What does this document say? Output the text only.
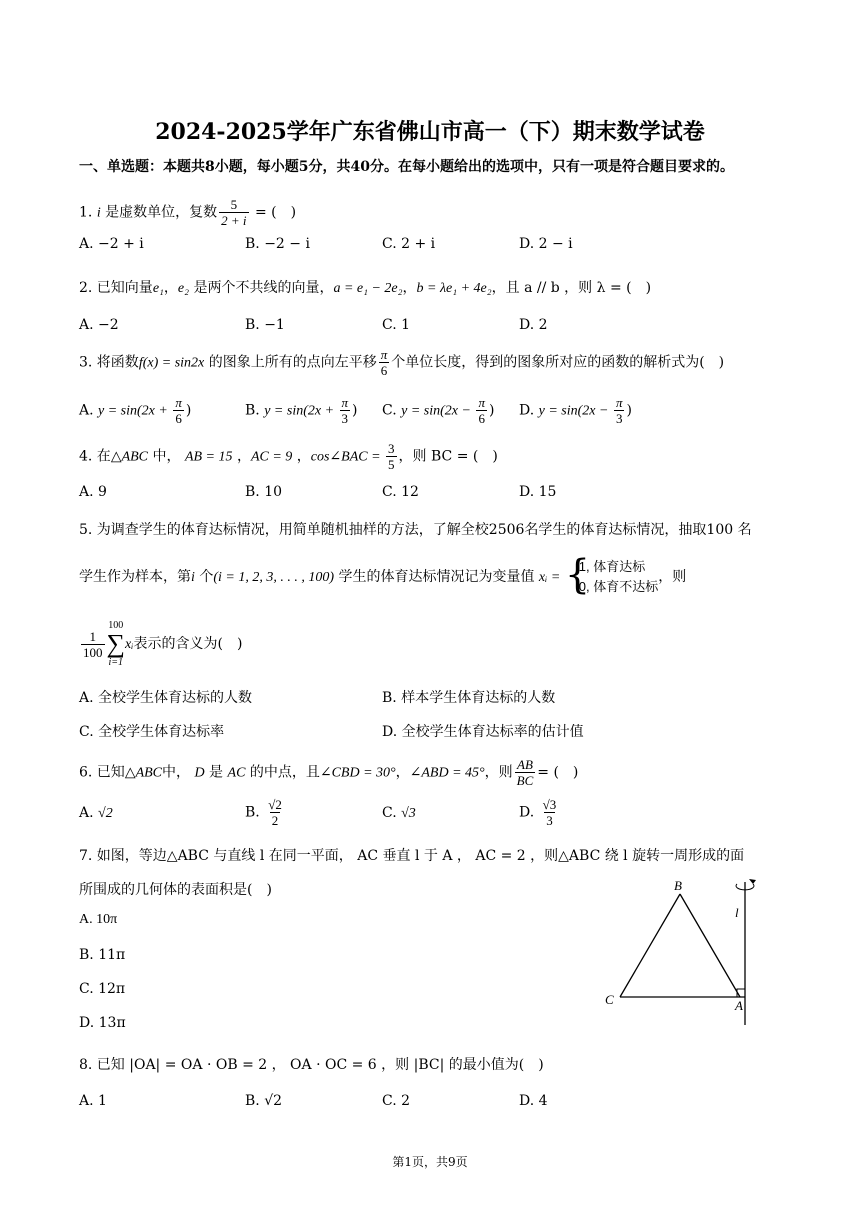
2024-2025学年广东省佛山市高一（下）期末数学试卷
一、单选题：本题共8小题，每小题5分，共40分。在每小题给出的选项中，只有一项是符合题目要求的。
1. i 是虚数单位，复数 $\frac{5}{2 + i}$ = (　)
A. −2 + i	B. −2 − i	C. 2 + i	D. 2 − i
2. 已知向量e₁，e₂ 是两个不共线的向量，a = e₁ − 2e₂，b = λe₁ + 4e₂，且 a // b ，则 λ = (　)
A. −2	B. −1	C. 1	D. 2
3. 将函数f(x) = sin2x 的图象上所有的点向左平移 $\frac{\pi}{6}$ 个单位长度，得到的图象所对应的函数的解析式为(　)
A. $y = \sin(2x + \frac{\pi}{6}$ )	B. $y = \sin(2x + \frac{\pi}{3}$ ) C. $y = \sin(2x - \frac{\pi}{6}$ ) D. $y = \sin(2x - \frac{\pi}{3}$ )
4. 在△ABC 中， AB = 15 ，AC = 9 ，cos∠BAC = $\frac{3}{5}$ ，则 BC = (　)
A. 9	B. 10	C. 12	D. 15
5. 为调查学生的体育达标情况，用简单随机抽样的方法，了解全校2506名学生的体育达标情况，抽取100 名
学生作为样本，第i 个(i = 1, 2, 3, . . . , 100) 学生的体育达标情况记为变量值 xᵢ = {
1, 体育达标
0, 体育不达标，则
$\frac{1}{100}$
100
∑
i=1
xᵢ表示的含义为(　)
A. 全校学生体育达标的人数	B. 样本学生体育达标的人数
C. 全校学生体育达标率	D. 全校学生体育达标率的估计值
6. 已知△ABC中， D 是 AC 的中点，且∠CBD = 30°，∠ABD = 45°，则 $\frac{AB}{BC}$ = (　)
A. √2	B. $\frac{√2}{2}$	C. √3	D. $\frac{√3}{3}$
7. 如图，等边△ABC 与直线 l 在同一平面， AC 垂直 l 于 A ， AC = 2 ，则△ABC 绕 l 旋转一周形成的面
所围成的几何体的表面积是(　)
A. 10π
B. 11π
C. 12π
D. 13π
B
C	A
l
8. 已知 |OA| = OA · OB = 2 ， OA · OC = 6 ，则 |BC| 的最小值为(　)
A. 1	B. √2	C. 2	D. 4
第1页，共9页
